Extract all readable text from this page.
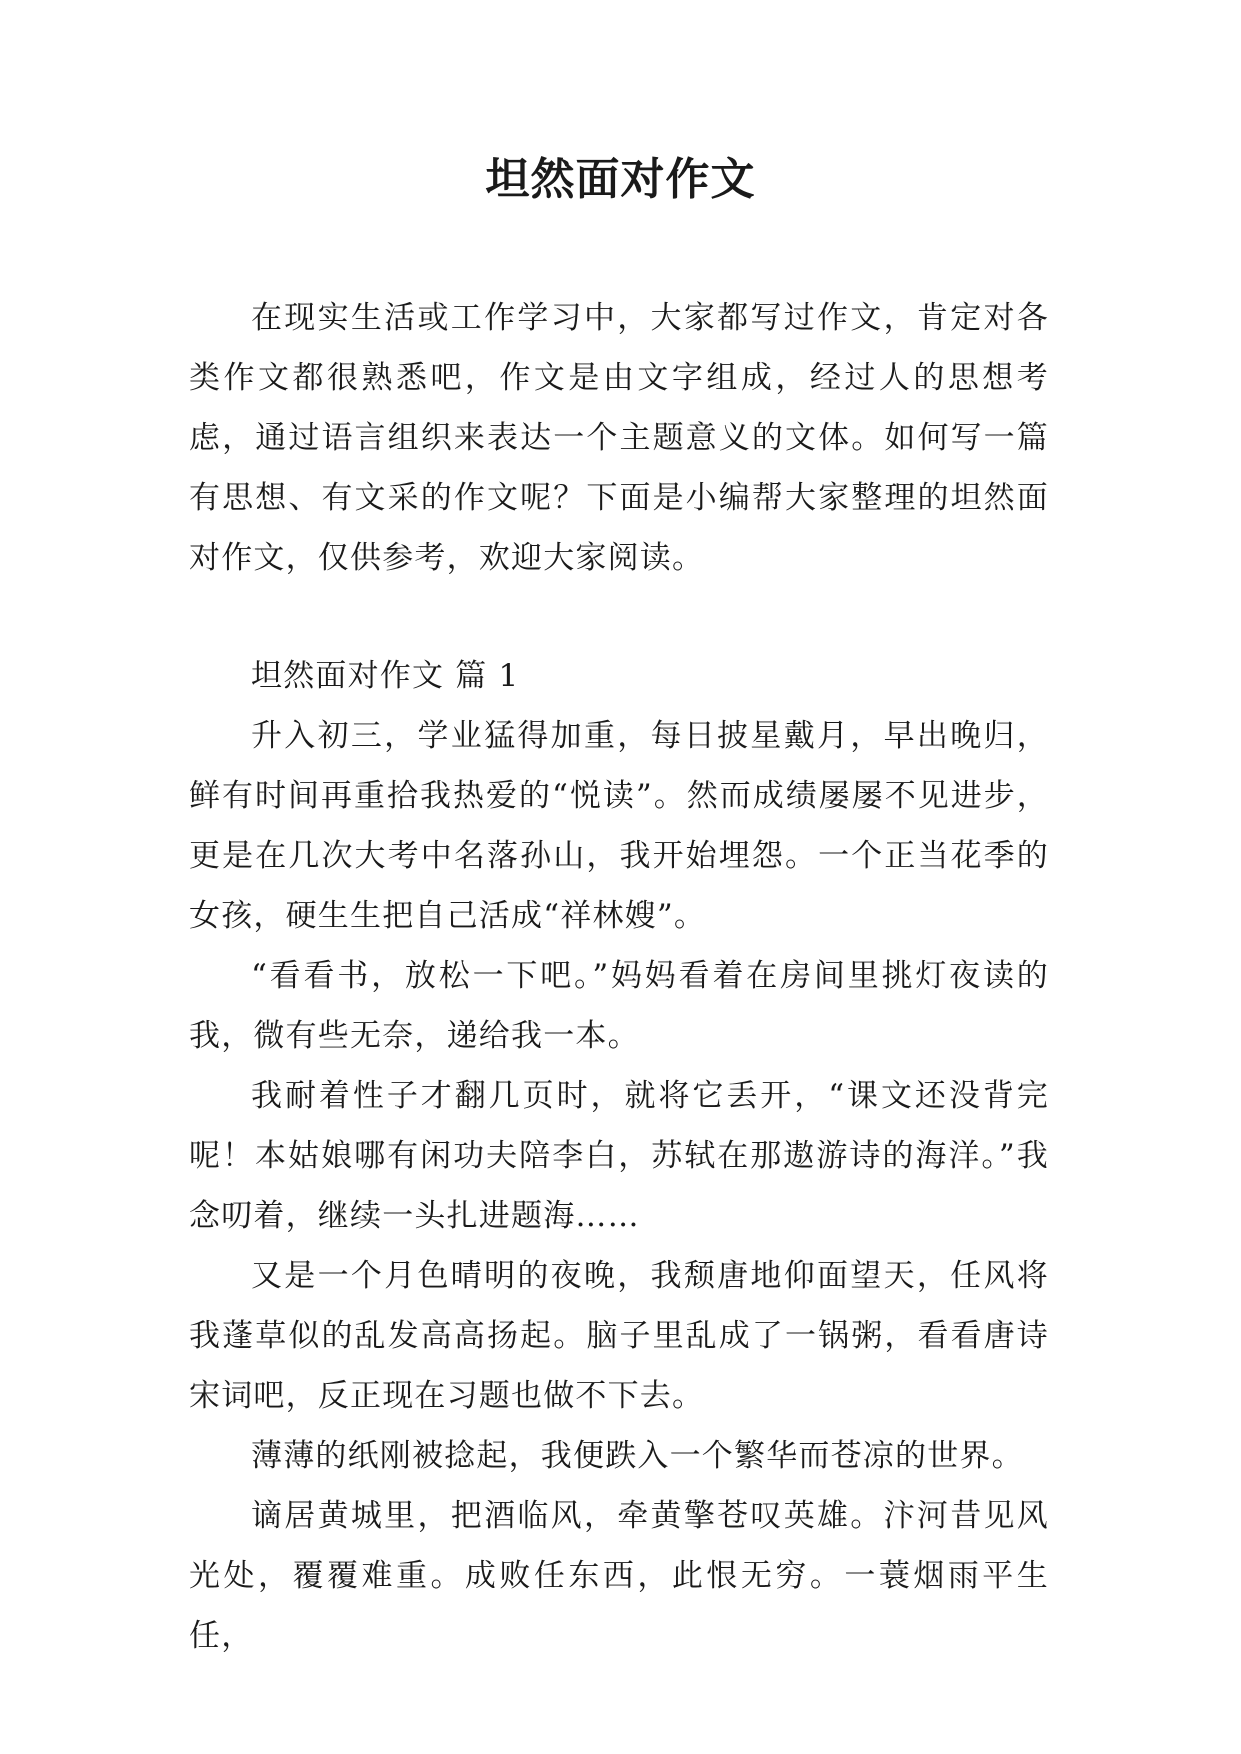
坦然面对作文

在现实生活或工作学习中，大家都写过作文，肯定对各类作文都很熟悉吧，作文是由文字组成，经过人的思想考虑，通过语言组织来表达一个主题意义的文体。如何写一篇有思想、有文采的作文呢？下面是小编帮大家整理的坦然面对作文，仅供参考，欢迎大家阅读。

坦然面对作文 篇 1

升入初三，学业猛得加重，每日披星戴月，早出晚归，鲜有时间再重拾我热爱的“悦读”。然而成绩屡屡不见进步，更是在几次大考中名落孙山，我开始埋怨。一个正当花季的女孩，硬生生把自己活成“祥林嫂”。

“看看书，放松一下吧。”妈妈看着在房间里挑灯夜读的我，微有些无奈，递给我一本。

我耐着性子才翻几页时，就将它丢开，“课文还没背完呢！本姑娘哪有闲功夫陪李白，苏轼在那遨游诗的海洋。”我念叨着，继续一头扎进题海……

又是一个月色晴明的夜晚，我颓唐地仰面望天，任风将我蓬草似的乱发高高扬起。脑子里乱成了一锅粥，看看唐诗宋词吧，反正现在习题也做不下去。

薄薄的纸刚被捻起，我便跌入一个繁华而苍凉的世界。

谪居黄城里，把酒临风，牵黄擎苍叹英雄。汴河昔见风光处，覆覆难重。成败任东西，此恨无穷。一蓑烟雨平生任，
